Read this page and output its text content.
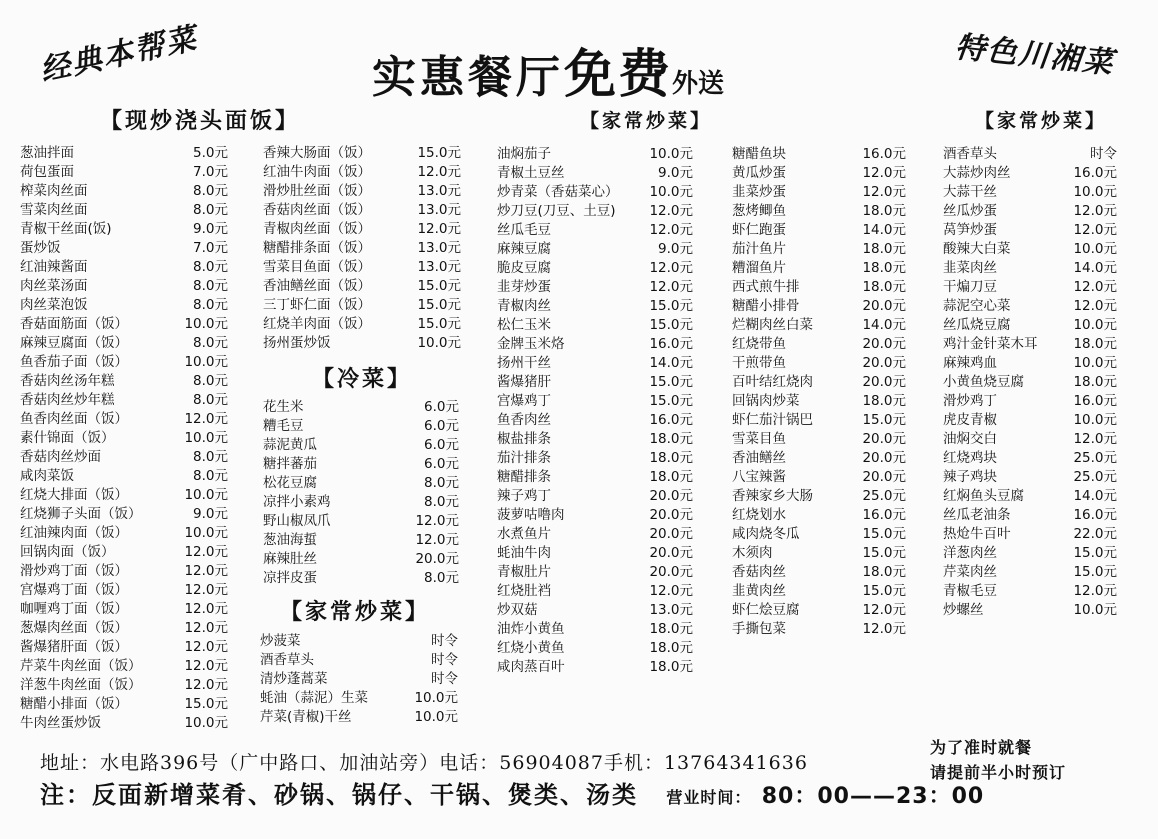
经典本帮菜	实惠餐厅免费外送
特色川湘菜
【现炒浇头面饭】	【家常炒菜】	【家常炒菜】
【冷菜】
【家常炒菜】
葱油拌面	5.0元
荷包蛋面	7.0元
榨菜肉丝面	8.0元
雪菜肉丝面	8.0元
青椒干丝面(饭)	9.0元
蛋炒饭	7.0元
红油辣酱面	8.0元
肉丝菜汤面	8.0元
肉丝菜泡饭	8.0元
香菇面筋面（饭）	10.0元
麻辣豆腐面（饭）	8.0元
鱼香茄子面（饭）	10.0元
香菇肉丝汤年糕	8.0元
香菇肉丝炒年糕	8.0元
鱼香肉丝面（饭）	12.0元
素什锦面（饭）	10.0元
香菇肉丝炒面	8.0元
咸肉菜饭	8.0元
红烧大排面（饭）	10.0元
红烧狮子头面（饭）	9.0元
红油辣肉面（饭）	10.0元
回锅肉面（饭）	12.0元
滑炒鸡丁面（饭）	12.0元
宫爆鸡丁面（饭）	12.0元
咖喱鸡丁面（饭）	12.0元
葱爆肉丝面（饭）	12.0元
酱爆猪肝面（饭）	12.0元
芹菜牛肉丝面（饭）	12.0元
洋葱牛肉丝面（饭）	12.0元
糖醋小排面（饭）	15.0元
牛肉丝蛋炒饭	10.0元
香辣大肠面（饭）	15.0元
红油牛肉面（饭）	12.0元
滑炒肚丝面（饭）	13.0元
香菇肉丝面（饭）	13.0元
青椒肉丝面（饭）	12.0元
糖醋排条面（饭）	13.0元
雪菜目鱼面（饭）	13.0元
香油鳝丝面（饭）	15.0元
三丁虾仁面（饭）	15.0元
红烧羊肉面（饭）	15.0元
扬州蛋炒饭	10.0元
花生米	6.0元
糟毛豆	6.0元
蒜泥黄瓜	6.0元
糖拌蕃茄	6.0元
松花豆腐	8.0元
凉拌小素鸡	8.0元
野山椒凤爪	12.0元
葱油海蜇	12.0元
麻辣肚丝	20.0元
凉拌皮蛋	8.0元
炒菠菜	时令
酒香草头	时令
清炒蓬蒿菜	时令
蚝油（蒜泥）生菜	10.0元
芹菜(青椒)干丝	10.0元
油焖茄子	10.0元
青椒土豆丝	9.0元
炒青菜（香菇菜心） 10.0元
炒刀豆(刀豆、土豆)	12.0元
丝瓜毛豆	12.0元
麻辣豆腐	9.0元
脆皮豆腐	12.0元
韭芽炒蛋	12.0元
青椒肉丝	15.0元
松仁玉米	15.0元
金牌玉米烙	16.0元
扬州干丝	14.0元
酱爆猪肝	15.0元
宫爆鸡丁	15.0元
鱼香肉丝	16.0元
椒盐排条	18.0元
茄汁排条	18.0元
糖醋排条	18.0元
辣子鸡丁	20.0元
菠萝咕噜肉	20.0元
水煮鱼片	20.0元
蚝油牛肉	20.0元
青椒肚片	20.0元
红烧肚裆	12.0元
炒双菇	13.0元
油炸小黄鱼	18.0元
红烧小黄鱼	18.0元
咸肉蒸百叶	18.0元
糖醋鱼块	16.0元
黄瓜炒蛋	12.0元
韭菜炒蛋	12.0元
葱烤鲫鱼	18.0元
虾仁跑蛋	14.0元
茄汁鱼片	18.0元
糟溜鱼片	18.0元
西式煎牛排	18.0元
糖醋小排骨	20.0元
烂糊肉丝白菜	14.0元
红烧带鱼	20.0元
干煎带鱼	20.0元
百叶结红烧肉	20.0元
回锅肉炒菜	18.0元
虾仁茄汁锅巴	15.0元
雪菜目鱼	20.0元
香油鳝丝	20.0元
八宝辣酱	20.0元
香辣家乡大肠	25.0元
红烧划水	16.0元
咸肉烧冬瓜	15.0元
木须肉	15.0元
香菇肉丝	18.0元
韭黄肉丝	15.0元
虾仁烩豆腐	12.0元
手撕包菜	12.0元
酒香草头	时令
大蒜炒肉丝	16.0元
大蒜干丝	10.0元
丝瓜炒蛋	12.0元
莴笋炒蛋	12.0元
酸辣大白菜	10.0元
韭菜肉丝	14.0元
干煸刀豆	12.0元
蒜泥空心菜	12.0元
丝瓜烧豆腐	10.0元
鸡汁金针菜木耳	18.0元
麻辣鸡血	10.0元
小黄鱼烧豆腐	18.0元
滑炒鸡丁	16.0元
虎皮青椒	10.0元
油焖交白	12.0元
红烧鸡块	25.0元
辣子鸡块	25.0元
红焖鱼头豆腐	14.0元
丝瓜老油条	16.0元
热炝牛百叶	22.0元
洋葱肉丝	15.0元
芹菜肉丝	15.0元
青椒毛豆	12.0元
炒螺丝	10.0元
地址：水电路396号（广中路口、加油站旁）电话：56904087手机：13764341636
注：反面新增菜肴、砂锅、锅仔、干锅、煲类、汤类 营业时间： 80：00——23：00
为了准时就餐
请提前半小时预订
